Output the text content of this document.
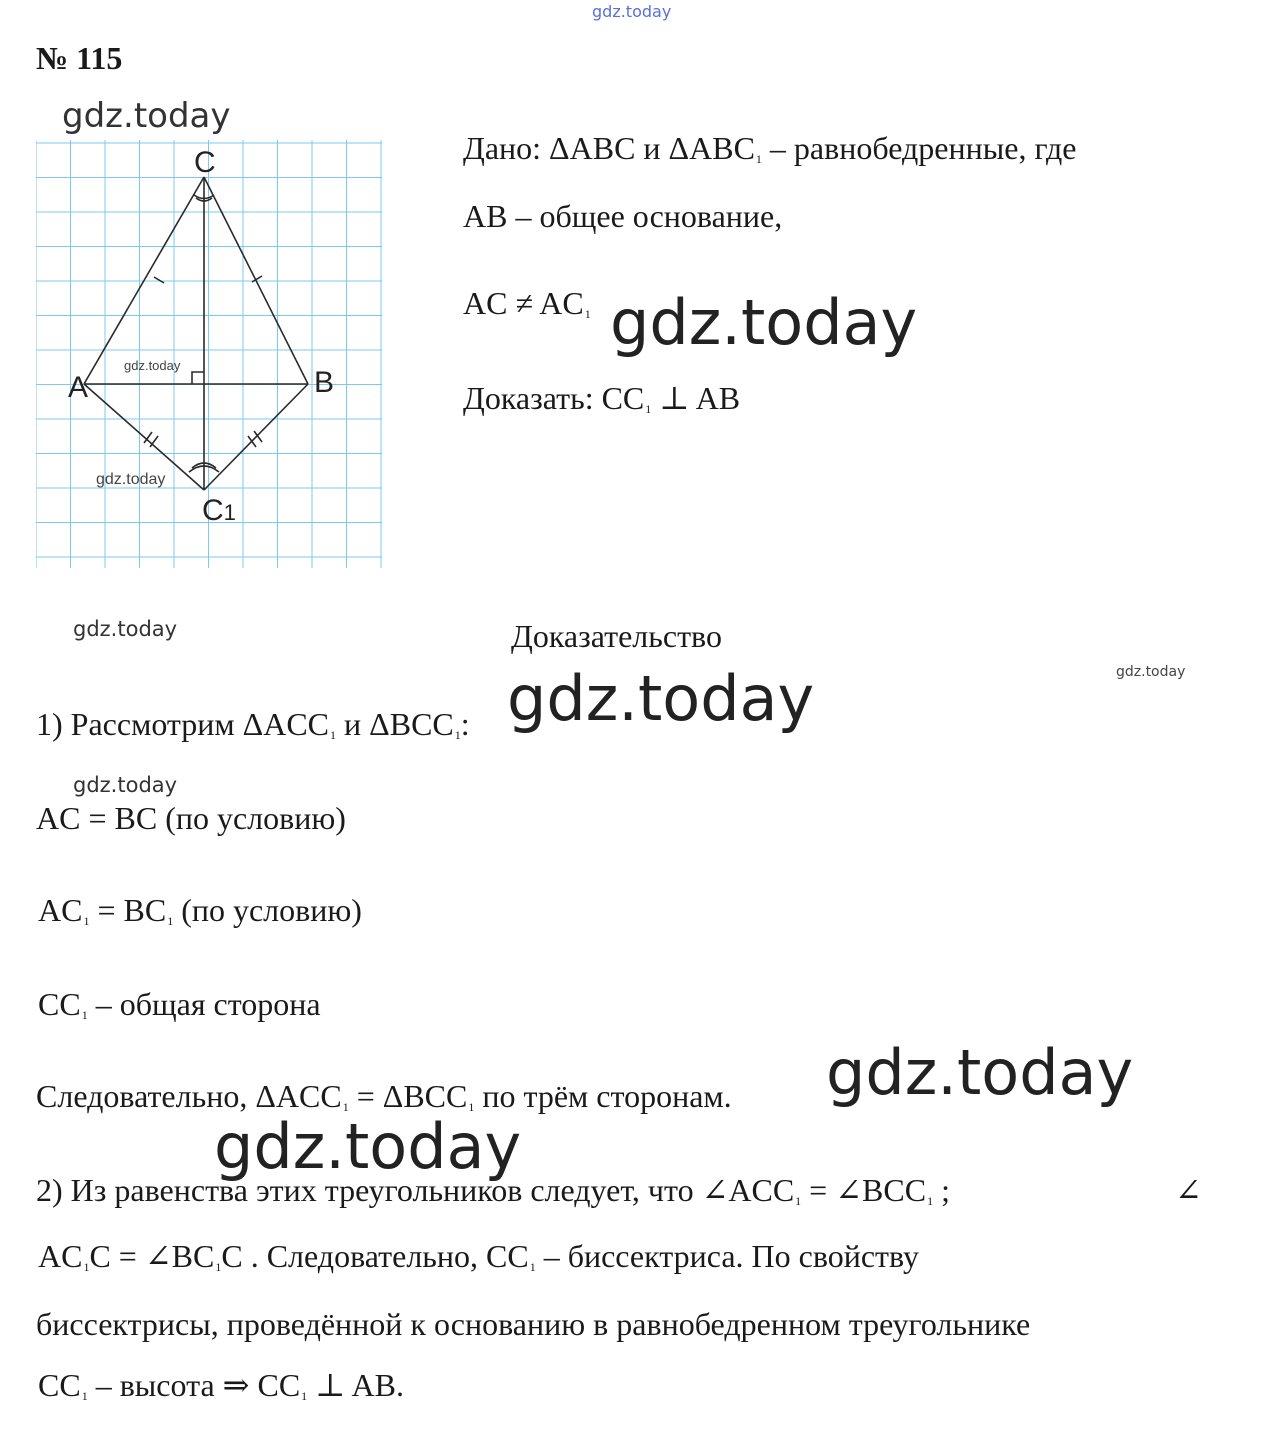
gdz.today
№ 115
gdz.today
C
A	B
C1
gdz.today
gdz.today
Дано: ΔABC и $\Delta ABC_1$ – равнобедренные, где
AB – общее основание,
AC ≠ $AC_1$ gdz.today
Доказать: $CC_1$ ⊥ AB
gdz.today	Доказательство
gdz.today
gdz.today
1) Рассмотрим $\Delta ACC_1$ и $\Delta BCC_1$:
gdz.today
AC = BC (по условию)
$AC_1 = BC_1$ (по условию)
$CC_1$ – общая сторона
Следовательно, $\Delta ACC_1 = \Delta BCC_1$ по трём сторонам. gdz.today
gdz.today
2) Из равенства этих треугольников следует, что $\angle ACC_1$ = $\angle BCC_1$ ;	∠
$AC_1C$ = $\angle BC_1C$ . Следовательно, $CC_1$ – биссектриса. По свойству
биссектрисы, проведённой к основанию в равнобедренном треугольнике
$CC_1$ – высота ⇒ $CC_1$ ⊥ AB.
